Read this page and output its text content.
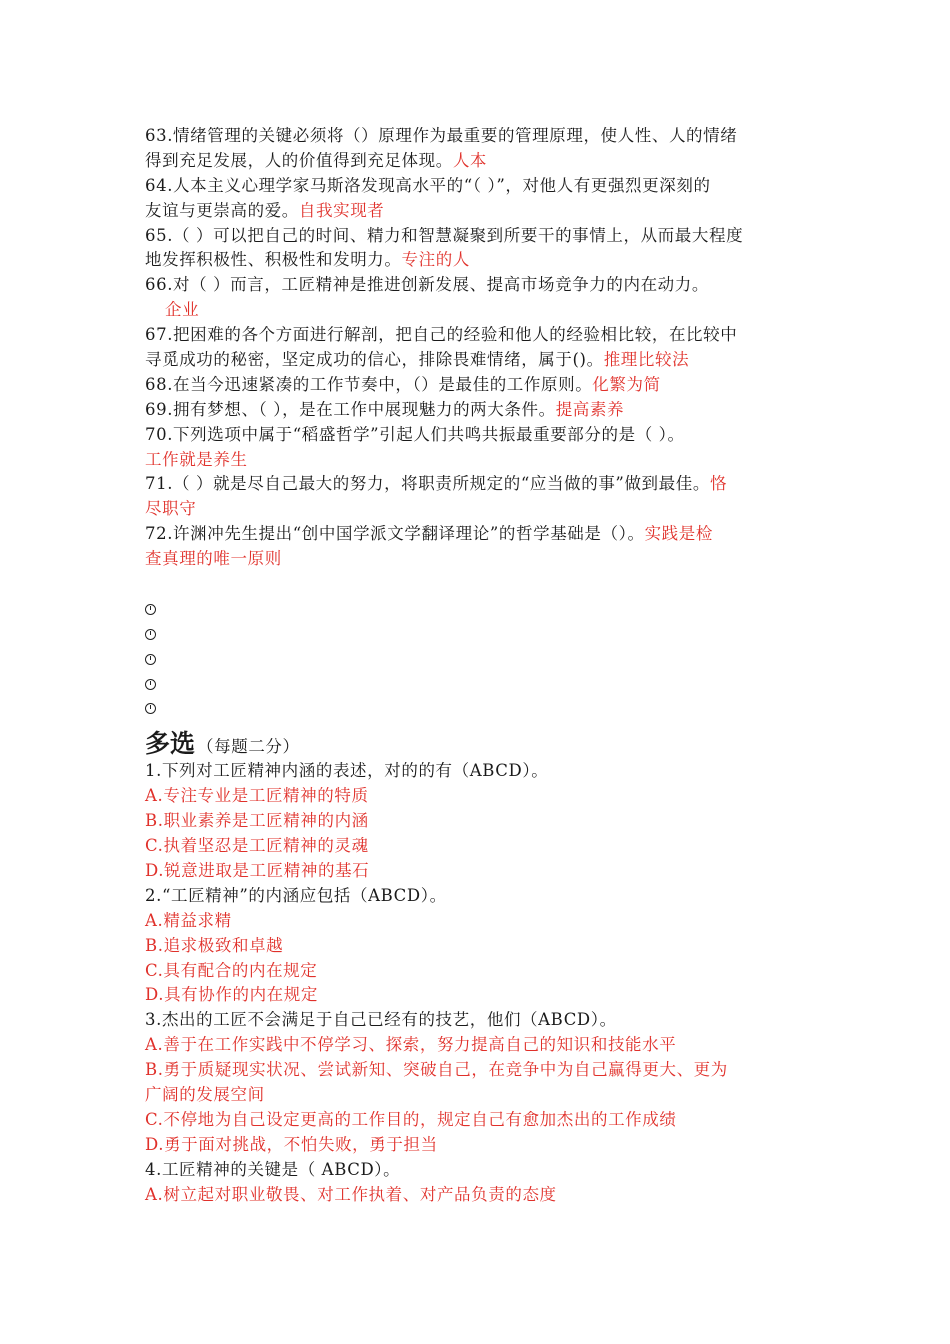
63.情绪管理的关键必须将（）原理作为最重要的管理原理，使人性、人的情绪
得到充足发展，人的价值得到充足体现。人本
64.人本主义心理学家马斯洛发现高水平的“（ ）”，对他人有更强烈更深刻的
友谊与更崇高的爱。自我实现者
65.（ ）可以把自己的时间、精力和智慧凝聚到所要干的事情上，从而最大程度
地发挥积极性、积极性和发明力。专注的人
66.对（ ）而言，工匠精神是推进创新发展、提高市场竞争力的内在动力。
企业
67.把困难的各个方面进行解剖，把自己的经验和他人的经验相比较，在比较中
寻觅成功的秘密，坚定成功的信心，排除畏难情绪，属于()。推理比较法
68.在当今迅速紧凑的工作节奏中，（）是最佳的工作原则。化繁为简
69.拥有梦想、（ ），是在工作中展现魅力的两大条件。提高素养
70.下列选项中属于“稻盛哲学”引起人们共鸣共振最重要部分的是（ ）。
工作就是养生
71.（ ）就是尽自己最大的努力，将职责所规定的“应当做的事”做到最佳。恪
尽职守
72.许渊冲先生提出“创中国学派文学翻译理论”的哲学基础是（）。实践是检
查真理的唯一原则
多选 （每题二分）
1.下列对工匠精神内涵的表述，对的的有（ABCD）。
A.专注专业是工匠精神的特质
B.职业素养是工匠精神的内涵
C.执着坚忍是工匠精神的灵魂
D.锐意进取是工匠精神的基石
2.“工匠精神”的内涵应包括（ABCD）。
A.精益求精
B.追求极致和卓越
C.具有配合的内在规定
D.具有协作的内在规定
3.杰出的工匠不会满足于自己已经有的技艺，他们（ABCD）。
A.善于在工作实践中不停学习、探索，努力提高自己的知识和技能水平
B.勇于质疑现实状况、尝试新知、突破自己，在竞争中为自己赢得更大、更为
广阔的发展空间
C.不停地为自己设定更高的工作目的，规定自己有愈加杰出的工作成绩
D.勇于面对挑战，不怕失败，勇于担当
4.工匠精神的关键是（ ABCD）。
A.树立起对职业敬畏、对工作执着、对产品负责的态度
